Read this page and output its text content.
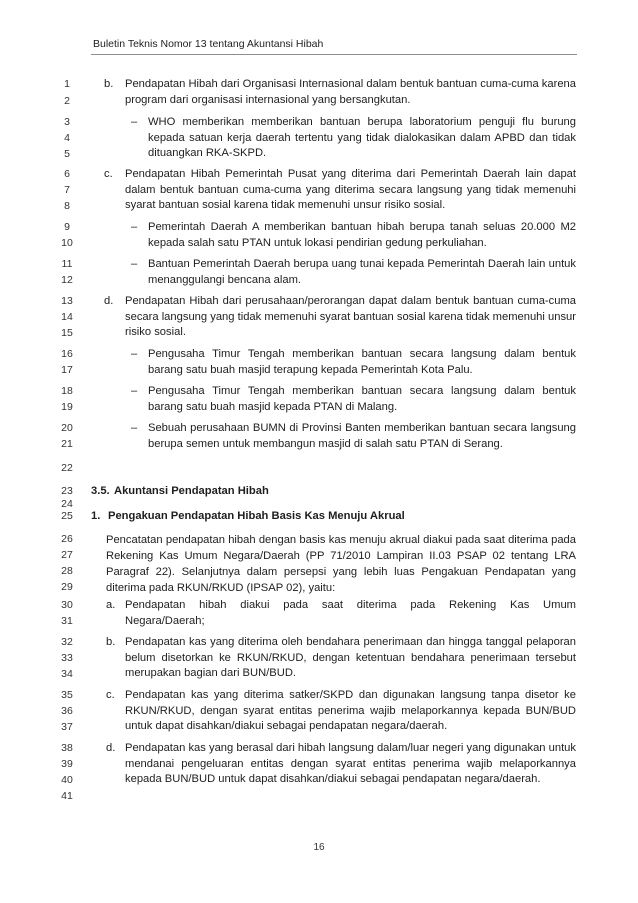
Buletin Teknis Nomor 13 tentang Akuntansi Hibah
1
2
3
4
5
6
7
8
9
10
11
12
13
14
15
16
17
18
19
20
21
22
23
24
25
26
27
28
29
30
31
32
33
34
35
36
37
38
39
40
41
b. Pendapatan Hibah dari Organisasi Internasional dalam bentuk bantuan cuma-cuma karena program dari organisasi internasional yang bersangkutan.
– WHO memberikan memberikan bantuan berupa laboratorium penguji flu burung kepada satuan kerja daerah tertentu yang tidak dialokasikan dalam APBD dan tidak dituangkan RKA-SKPD.
c. Pendapatan Hibah Pemerintah Pusat yang diterima dari Pemerintah Daerah lain dapat dalam bentuk bantuan cuma-cuma yang diterima secara langsung yang tidak memenuhi syarat bantuan sosial karena tidak memenuhi unsur risiko sosial.
– Pemerintah Daerah A memberikan bantuan hibah berupa tanah seluas 20.000 M2 kepada salah satu PTAN untuk lokasi pendirian gedung perkuliahan.
– Bantuan Pemerintah Daerah berupa uang tunai kepada Pemerintah Daerah lain untuk menanggulangi bencana alam.
d. Pendapatan Hibah dari perusahaan/perorangan dapat dalam bentuk bantuan cuma-cuma secara langsung yang tidak memenuhi syarat bantuan sosial karena tidak memenuhi unsur risiko sosial.
– Pengusaha Timur Tengah memberikan bantuan secara langsung dalam bentuk barang satu buah masjid terapung kepada Pemerintah Kota Palu.
– Pengusaha Timur Tengah memberikan bantuan secara langsung dalam bentuk barang satu buah masjid kepada PTAN di Malang.
– Sebuah perusahaan BUMN di Provinsi Banten memberikan bantuan secara langsung berupa semen untuk membangun masjid di salah satu PTAN di Serang.
3.5. Akuntansi Pendapatan Hibah
1. Pengakuan Pendapatan Hibah Basis Kas Menuju Akrual
Pencatatan pendapatan hibah dengan basis kas menuju akrual diakui pada saat diterima pada Rekening Kas Umum Negara/Daerah (PP 71/2010 Lampiran II.03 PSAP 02 tentang LRA Paragraf 22). Selanjutnya dalam persepsi yang lebih luas Pengakuan Pendapatan yang diterima pada RKUN/RKUD (IPSAP 02), yaitu:
a. Pendapatan hibah diakui pada saat diterima pada Rekening Kas Umum Negara/Daerah;
b. Pendapatan kas yang diterima oleh bendahara penerimaan dan hingga tanggal pelaporan belum disetorkan ke RKUN/RKUD, dengan ketentuan bendahara penerimaan tersebut merupakan bagian dari BUN/BUD.
c. Pendapatan kas yang diterima satker/SKPD dan digunakan langsung tanpa disetor ke RKUN/RKUD, dengan syarat entitas penerima wajib melaporkannya kepada BUN/BUD untuk dapat disahkan/diakui sebagai pendapatan negara/daerah.
d. Pendapatan kas yang berasal dari hibah langsung dalam/luar negeri yang digunakan untuk mendanai pengeluaran entitas dengan syarat entitas penerima wajib melaporkannya kepada BUN/BUD untuk dapat disahkan/diakui sebagai pendapatan negara/daerah.
16
